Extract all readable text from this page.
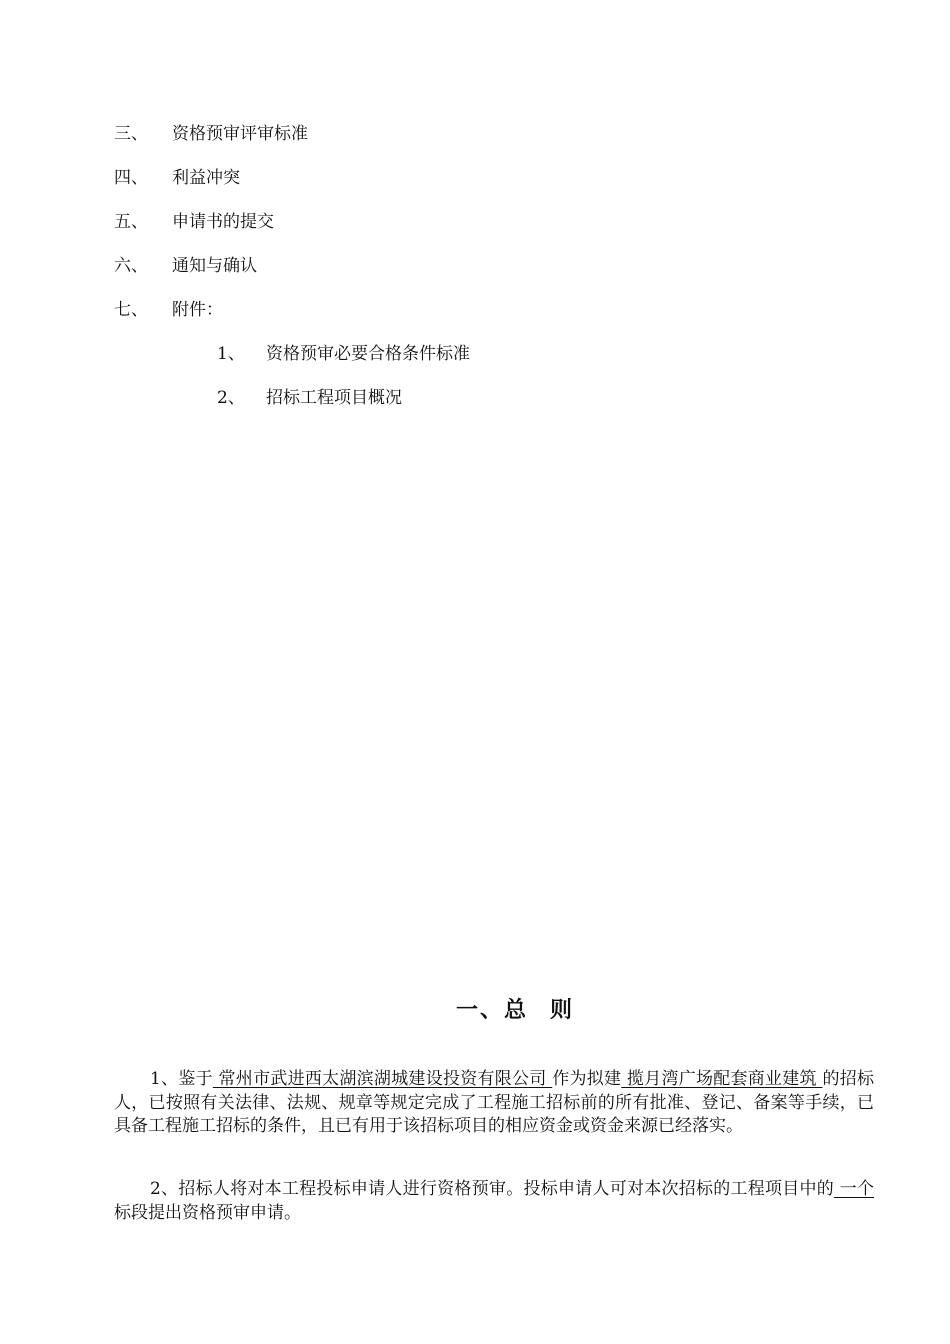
三、	资格预审评审标准
四、	利益冲突
五、	申请书的提交
六、	通知与确认
七、	附件：
1、	资格预审必要合格条件标准
2、	招标工程项目概况
一、总 则
1、鉴于 常州市武进西太湖滨湖城建设投资有限公司 作为拟建 揽月湾广场配套商业建筑 的招标人，已按照有关法律、法规、规章等规定完成了工程施工招标前的所有批准、登记、备案等手续，已具备工程施工招标的条件，且已有用于该招标项目的相应资金或资金来源已经落实。
2、招标人将对本工程投标申请人进行资格预审。投标申请人可对本次招标的工程项目中的 一个 标段提出资格预审申请。
